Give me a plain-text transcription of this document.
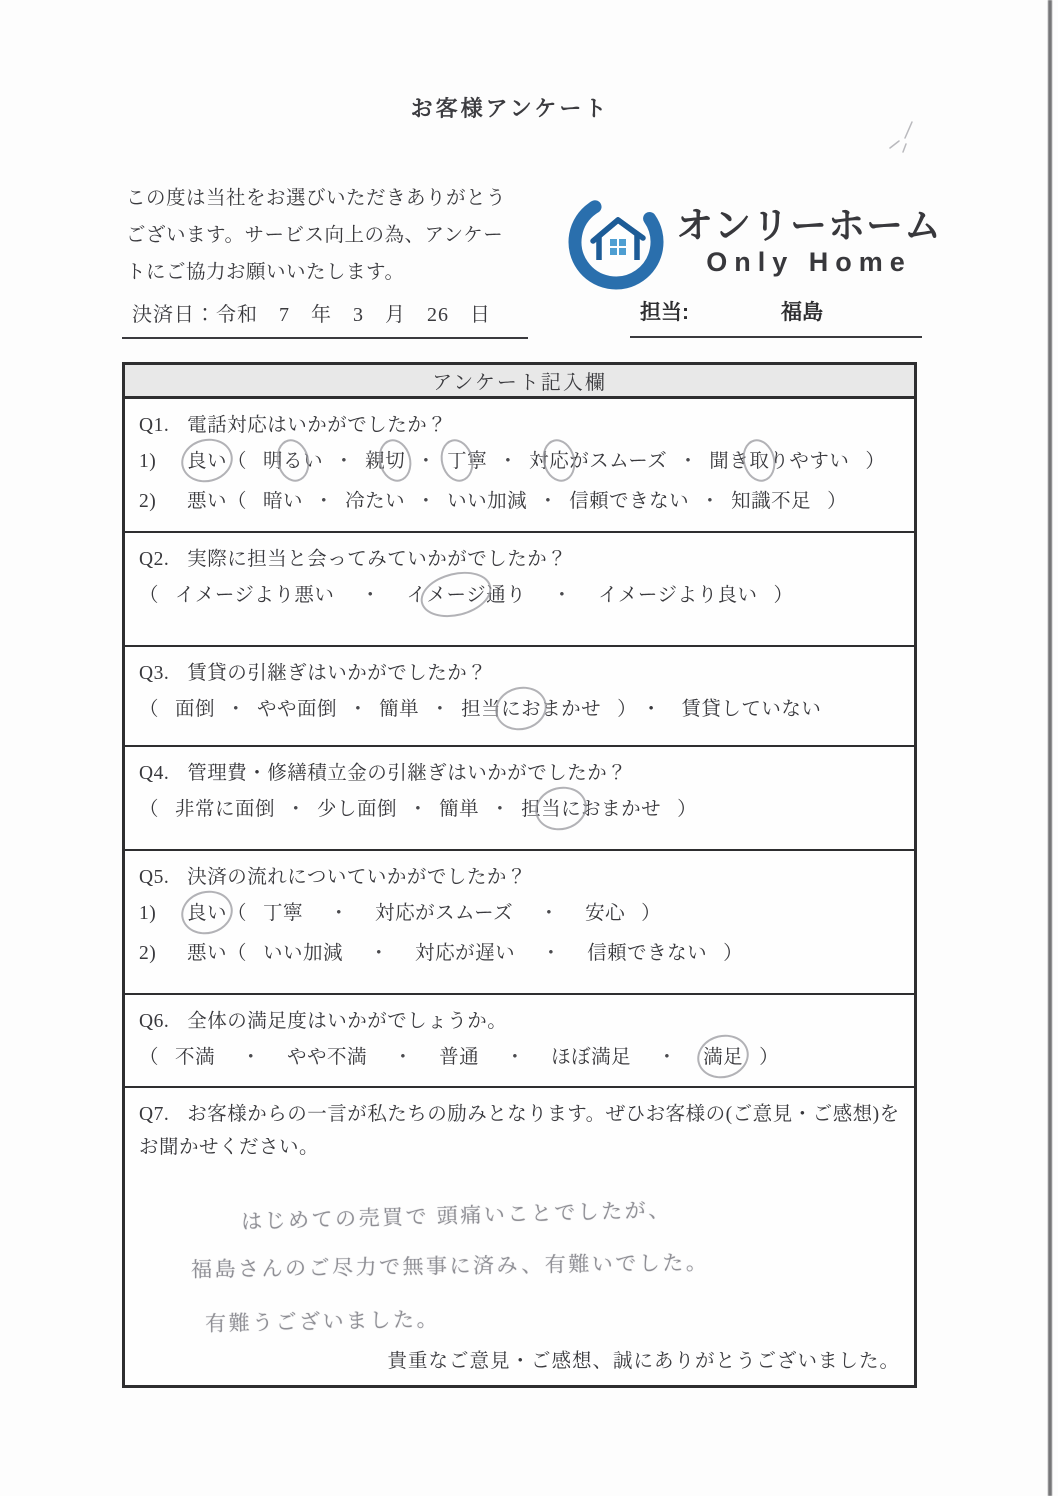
お客様アンケート
この度は当社をお選びいただきありがとう
ございます。サービス向上の為、アンケー
トにご協力お願いいたします。
オンリーホーム
Only Home
決済日：令和　7　年　3　月　26　日	担当:	福島
アンケート記入欄
Q1. 電話対応はいかがでしたか？
1) 良い（ 明るい ・ 親切 ・ 丁寧 ・ 対応がスムーズ ・ 聞き取りやすい ）
2) 悪い（ 暗い ・ 冷たい ・ いい加減 ・ 信頼できない ・ 知識不足 ）
Q2. 実際に担当と会ってみていかがでしたか？
（ イメージより悪い ・ イメージ通り ・ イメージより良い ）
Q3. 賃貸の引継ぎはいかがでしたか？
（ 面倒 ・ やや面倒 ・ 簡単 ・ 担当におまかせ ） ・　賃貸していない
Q4. 管理費・修繕積立金の引継ぎはいかがでしたか？
（ 非常に面倒 ・ 少し面倒 ・ 簡単 ・ 担当におまかせ ）
Q5. 決済の流れについていかがでしたか？
1) 良い（ 丁寧 ・ 対応がスムーズ ・ 安心 ）
2) 悪い（ いい加減 ・ 対応が遅い ・ 信頼できない ）
Q6. 全体の満足度はいかがでしょうか。
（ 不満 ・ やや不満 ・ 普通 ・ ほぼ満足 ・ 満足 ）
Q7. お客様からの一言が私たちの励みとなります。ぜひお客様の(ご意見・ご感想)をお聞かせください。
はじめての売買で 頭痛いことでしたが、
福島さんのご尽力で無事に済み、有難いでした。
有難うございました。
貴重なご意見・ご感想、誠にありがとうございました。
